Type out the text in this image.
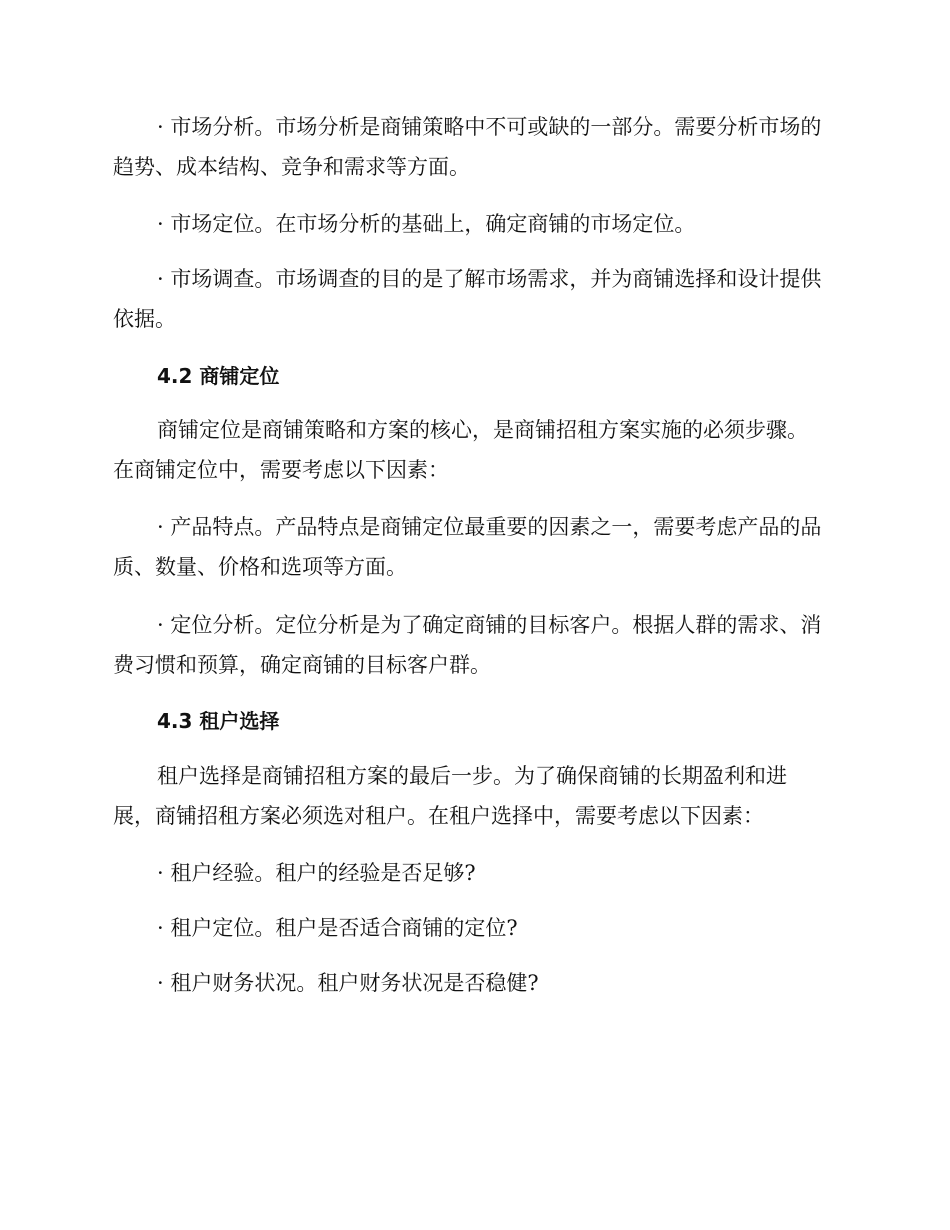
· 市场分析。市场分析是商铺策略中不可或缺的一部分。需要分析市场的趋势、成本结构、竞争和需求等方面。

· 市场定位。在市场分析的基础上，确定商铺的市场定位。

· 市场调查。市场调查的目的是了解市场需求，并为商铺选择和设计提供依据。

4.2 商铺定位

商铺定位是商铺策略和方案的核心，是商铺招租方案实施的必须步骤。在商铺定位中，需要考虑以下因素：

· 产品特点。产品特点是商铺定位最重要的因素之一，需要考虑产品的品质、数量、价格和选项等方面。

· 定位分析。定位分析是为了确定商铺的目标客户。根据人群的需求、消费习惯和预算，确定商铺的目标客户群。

4.3 租户选择

租户选择是商铺招租方案的最后一步。为了确保商铺的长期盈利和进展，商铺招租方案必须选对租户。在租户选择中，需要考虑以下因素：

· 租户经验。租户的经验是否足够?

· 租户定位。租户是否适合商铺的定位?

· 租户财务状况。租户财务状况是否稳健?
